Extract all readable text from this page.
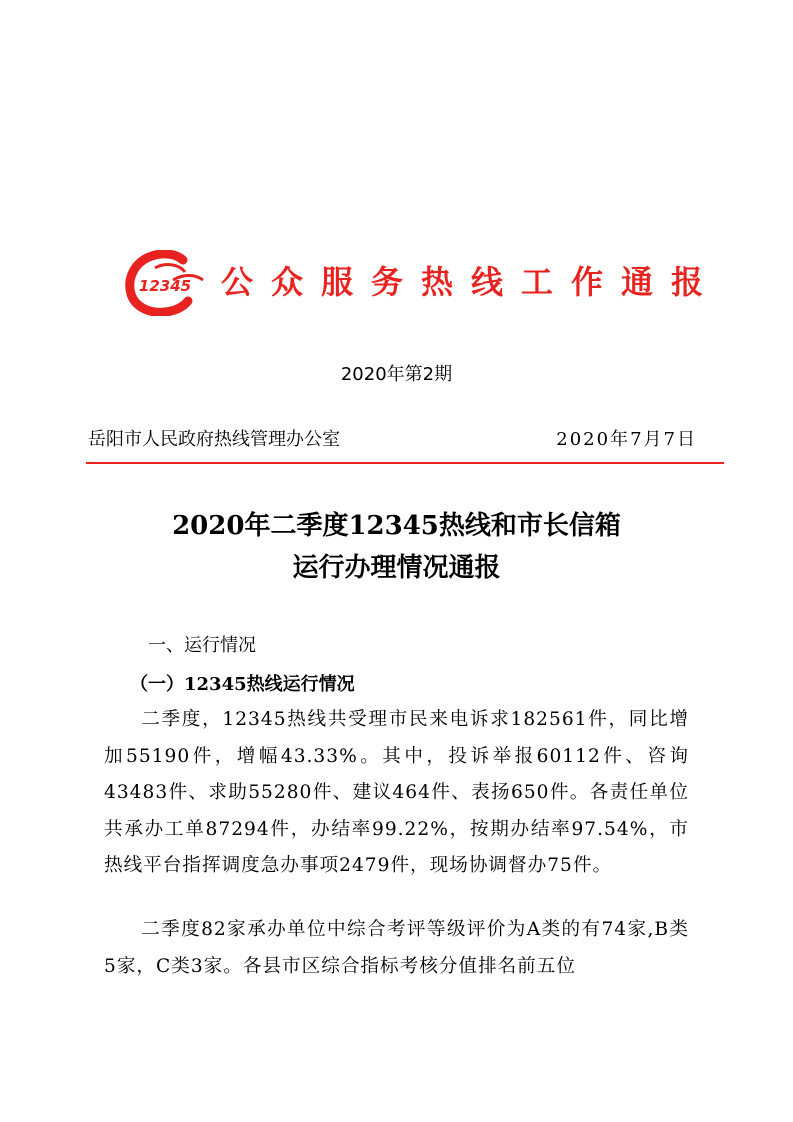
12345 公众服务热线工作通报
2020年第2期
岳阳市人民政府热线管理办公室	2020年7月7日
2020年二季度12345热线和市长信箱
运行办理情况通报
一、运行情况
（一）12345热线运行情况
二季度，12345热线共受理市民来电诉求182561件，同比增加55190件，增幅43.33%。其中，投诉举报60112件、咨询43483件、求助55280件、建议464件、表扬650件。各责任单位共承办工单87294件，办结率99.22%，按期办结率97.54%，市热线平台指挥调度急办事项2479件，现场协调督办75件。
二季度82家承办单位中综合考评等级评价为A类的有74家,B类5家，C类3家。各县市区综合指标考核分值排名前五位
